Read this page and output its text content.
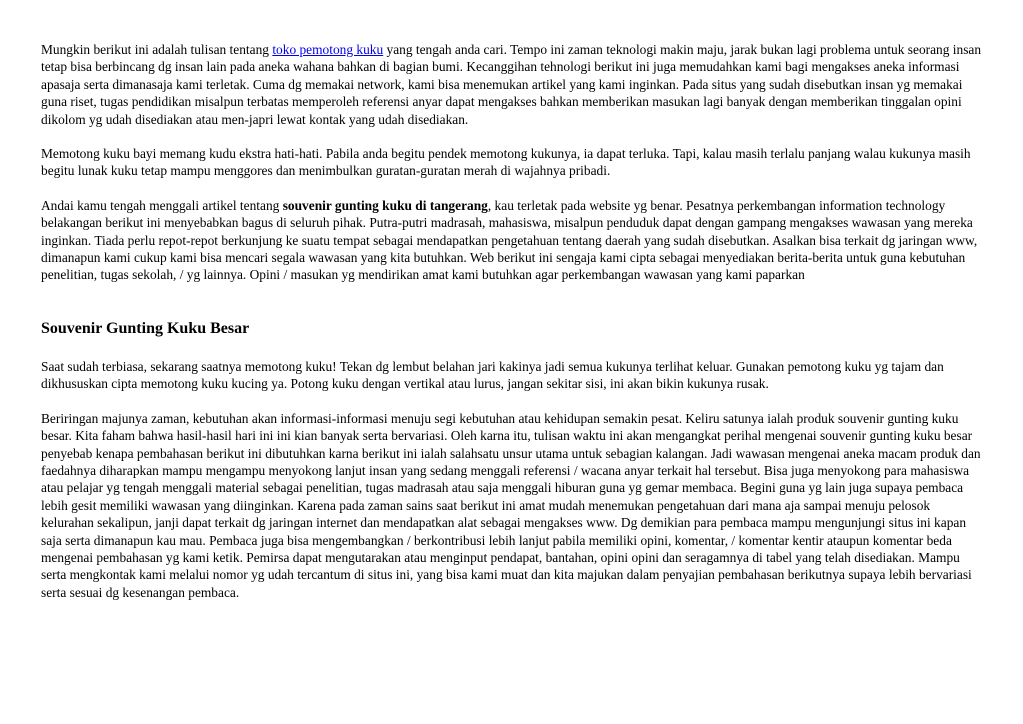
Mungkin berikut ini adalah tulisan tentang toko pemotong kuku yang tengah anda cari. Tempo ini zaman teknologi makin maju, jarak bukan lagi problema untuk seorang insan tetap bisa berbincang dg insan lain pada aneka wahana bahkan di bagian bumi. Kecanggihan tehnologi berikut ini juga memudahkan kami bagi mengakses aneka informasi apasaja serta dimanasaja kami terletak. Cuma dg memakai network, kami bisa menemukan artikel yang kami inginkan. Pada situs yang sudah disebutkan insan yg memakai guna riset, tugas pendidikan misalpun terbatas memperoleh referensi anyar dapat mengakses bahkan memberikan masukan lagi banyak dengan memberikan tinggalan opini dikolom yg udah disediakan atau men-japri lewat kontak yang udah disediakan.

Memotong kuku bayi memang kudu ekstra hati-hati. Pabila anda begitu pendek memotong kukunya, ia dapat terluka. Tapi, kalau masih terlalu panjang walau kukunya masih begitu lunak kuku tetap mampu menggores dan menimbulkan guratan-guratan merah di wajahnya pribadi.

Andai kamu tengah menggali artikel tentang souvenir gunting kuku di tangerang, kau terletak pada website yg benar. Pesatnya perkembangan information technology belakangan berikut ini menyebabkan bagus di seluruh pihak. Putra-putri madrasah, mahasiswa, misalpun penduduk dapat dengan gampang mengakses wawasan yang mereka inginkan. Tiada perlu repot-repot berkunjung ke suatu tempat sebagai mendapatkan pengetahuan tentang daerah yang sudah disebutkan. Asalkan bisa terkait dg jaringan www, dimanapun kami cukup kami bisa mencari segala wawasan yang kita butuhkan. Web berikut ini sengaja kami cipta sebagai menyediakan berita-berita untuk guna kebutuhan penelitian, tugas sekolah, / yg lainnya. Opini / masukan yg mendirikan amat kami butuhkan agar perkembangan wawasan yang kami paparkan

Souvenir Gunting Kuku Besar

Saat sudah terbiasa, sekarang saatnya memotong kuku! Tekan dg lembut belahan jari kakinya jadi semua kukunya terlihat keluar. Gunakan pemotong kuku yg tajam dan dikhususkan cipta memotong kuku kucing ya. Potong kuku dengan vertikal atau lurus, jangan sekitar sisi, ini akan bikin kukunya rusak.

Beriringan majunya zaman, kebutuhan akan informasi-informasi menuju segi kebutuhan atau kehidupan semakin pesat. Keliru satunya ialah produk souvenir gunting kuku besar. Kita faham bahwa hasil-hasil hari ini ini kian banyak serta bervariasi. Oleh karna itu, tulisan waktu ini akan mengangkat perihal mengenai souvenir gunting kuku besar penyebab kenapa pembahasan berikut ini dibutuhkan karna berikut ini ialah salahsatu unsur utama untuk sebagian kalangan. Jadi wawasan mengenai aneka macam produk dan faedahnya diharapkan mampu mengampu menyokong lanjut insan yang sedang menggali referensi / wacana anyar terkait hal tersebut. Bisa juga menyokong para mahasiswa atau pelajar yg tengah menggali material sebagai penelitian, tugas madrasah atau saja menggali hiburan guna yg gemar membaca. Begini guna yg lain juga supaya pembaca lebih gesit memiliki wawasan yang diinginkan. Karena pada zaman sains saat berikut ini amat mudah menemukan pengetahuan dari mana aja sampai menuju pelosok kelurahan sekalipun, janji dapat terkait dg jaringan internet dan mendapatkan alat sebagai mengakses www. Dg demikian para pembaca mampu mengunjungi situs ini kapan saja serta dimanapun kau mau. Pembaca juga bisa mengembangkan / berkontribusi lebih lanjut pabila memiliki opini, komentar, / komentar kentir ataupun komentar beda mengenai pembahasan yg kami ketik. Pemirsa dapat mengutarakan atau menginput pendapat, bantahan, opini opini dan seragamnya di tabel yang telah disediakan. Mampu serta mengkontak kami melalui nomor yg udah tercantum di situs ini, yang bisa kami muat dan kita majukan dalam penyajian pembahasan berikutnya supaya lebih bervariasi serta sesuai dg kesenangan pembaca.
